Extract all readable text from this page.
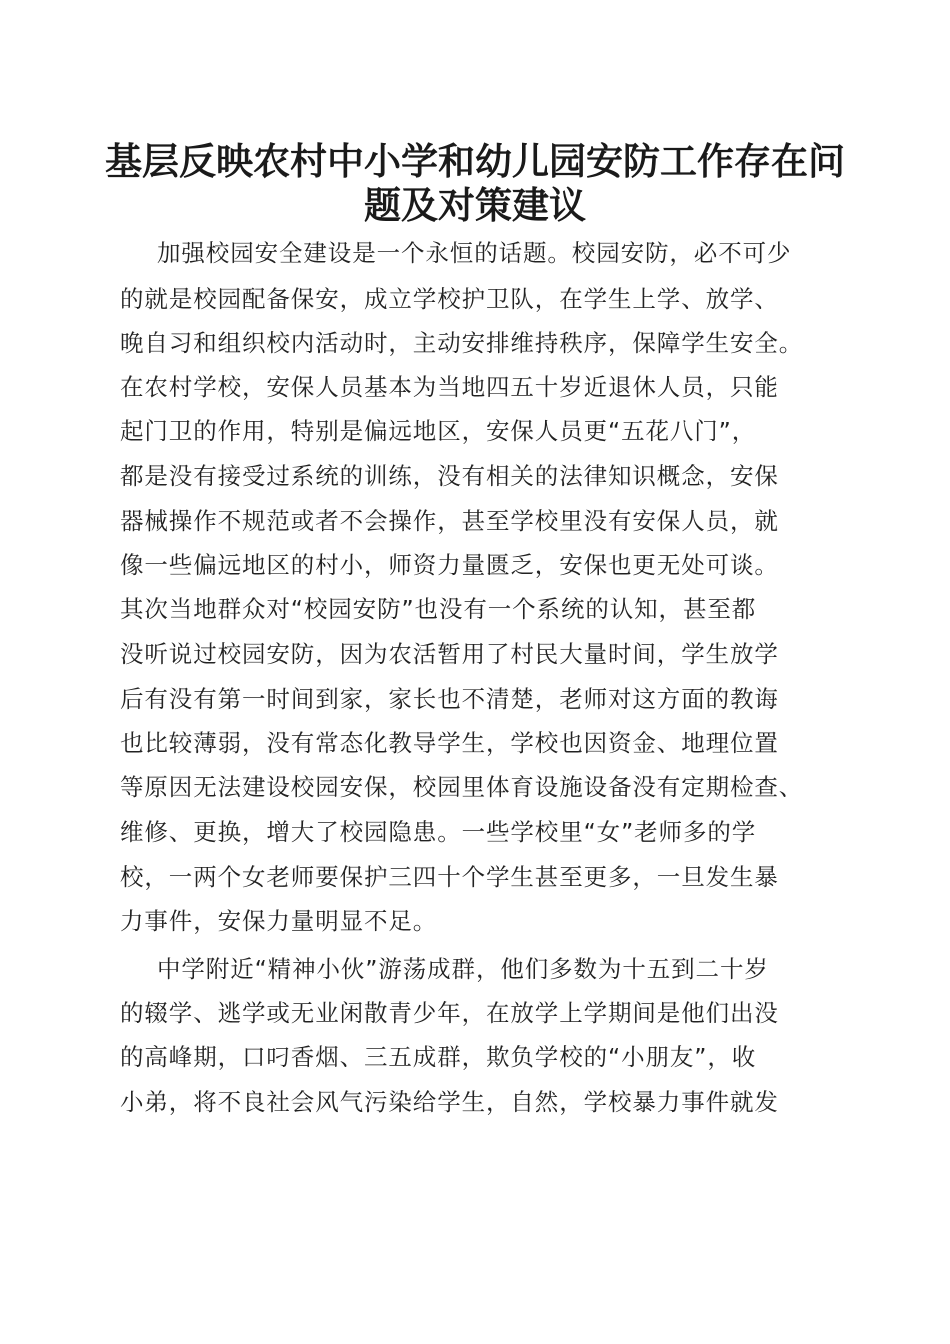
基层反映农村中小学和幼儿园安防工作存在问
题及对策建议

加强校园安全建设是一个永恒的话题。校园安防，必不可少

的就是校园配备保安，成立学校护卫队，在学生上学、放学、

晚自习和组织校内活动时，主动安排维持秩序，保障学生安全。

在农村学校，安保人员基本为当地四五十岁近退休人员，只能

起门卫的作用，特别是偏远地区，安保人员更“五花八门”，

都是没有接受过系统的训练，没有相关的法律知识概念，安保

器械操作不规范或者不会操作，甚至学校里没有安保人员，就

像一些偏远地区的村小，师资力量匮乏，安保也更无处可谈。

其次当地群众对“校园安防”也没有一个系统的认知，甚至都

没听说过校园安防，因为农活暂用了村民大量时间，学生放学

后有没有第一时间到家，家长也不清楚，老师对这方面的教诲

也比较薄弱，没有常态化教导学生，学校也因资金、地理位置

等原因无法建设校园安保，校园里体育设施设备没有定期检查、

维修、更换，增大了校园隐患。一些学校里“女”老师多的学

校，一两个女老师要保护三四十个学生甚至更多，一旦发生暴

力事件，安保力量明显不足。

中学附近“精神小伙”游荡成群，他们多数为十五到二十岁

的辍学、逃学或无业闲散青少年，在放学上学期间是他们出没

的高峰期，口叼香烟、三五成群，欺负学校的“小朋友”，收

小弟，将不良社会风气污染给学生，自然，学校暴力事件就发
